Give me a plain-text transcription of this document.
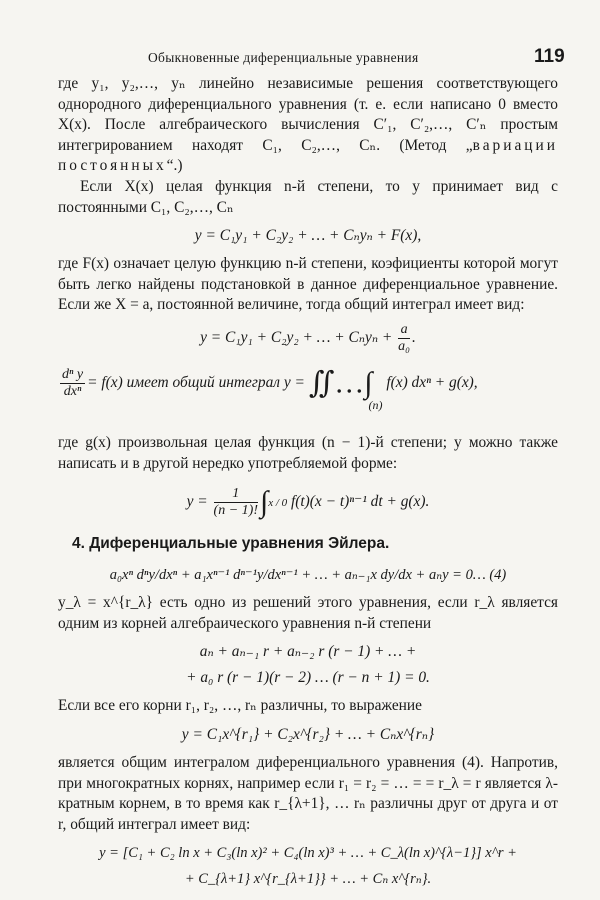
Обыкновенные диференциальные уравнения	119

где y₁, y₂,…, yₙ линейно независимые решения соответствующего однородного диференциального уравнения (т. е. если написано 0 вместо X(x). После алгебраического вычисления C′₁, C′₂,…, C′ₙ простым интегрированием находят C₁, C₂,…, Cₙ. (Метод „вариации постоянных“.)

Если X(x) целая функция n-й степени, то y принимает вид с постоянными C₁, C₂,…, Cₙ

y = C₁y₁ + C₂y₂ + … + Cₙyₙ + F(x),

где F(x) означает целую функцию n-й степени, коэфициенты которой могут быть легко найдены подстановкой в данное диференциальное уравнение. Если же X = a, постоянной величине, тогда общий интеграл имеет вид:

y = C₁y₁ + C₂y₂ + … + $C_ny_n + \frac{a}{\text{a₀}}$ .
$\frac{\text{dⁿ y}}{\text{dxⁿ}} = f(x)$ имеет общий интеграл y = ∬…∫(n) f(x) dxⁿ + g(x),

где g(x) произвольная целая функция (n − 1)-й степени; y можно также написать и в другой нередко употребляемой форме:

$y = \frac{1}{(n - 1)!} \int x / 0$ f(t)(x − t)ⁿ⁻¹ dt + g(x).
4. Диференциальные уравнения Эйлера.
a₀xⁿ dⁿy/dxⁿ + a₁xⁿ⁻¹ dⁿ⁻¹y/dxⁿ⁻¹ + … + aₙ₋₁x dy/dx + aₙy = 0… (4)

y_λ = x^{r_λ} есть одно из решений этого уравнения, если r_λ является одним из корней алгебраического уравнения n-й степени

aₙ + aₙ₋₁ r + aₙ₋₂ r (r − 1) + … +
+ a₀ r (r − 1)(r − 2) … (r − n + 1) = 0.

Если все его корни r₁, r₂, …, rₙ различны, то выражение

y = C₁x^{r₁} + C₂x^{r₂} + … + Cₙx^{rₙ}

является общим интегралом диференциального уравнения (4). Напротив, при многократных корнях, например если r₁ = r₂ = … = = r_λ = r является λ-кратным корнем, в то время как r_{λ+1}, … rₙ различны друг от друга и от r, общий интеграл имеет вид:

y = [C₁ + C₂ ln x + C₃(ln x)² + C₄(ln x)³ + … + C_λ(ln x)^{λ−1}] x^r +
+ C_{λ+1} x^{r_{λ+1}} + … + Cₙ x^{rₙ}.
